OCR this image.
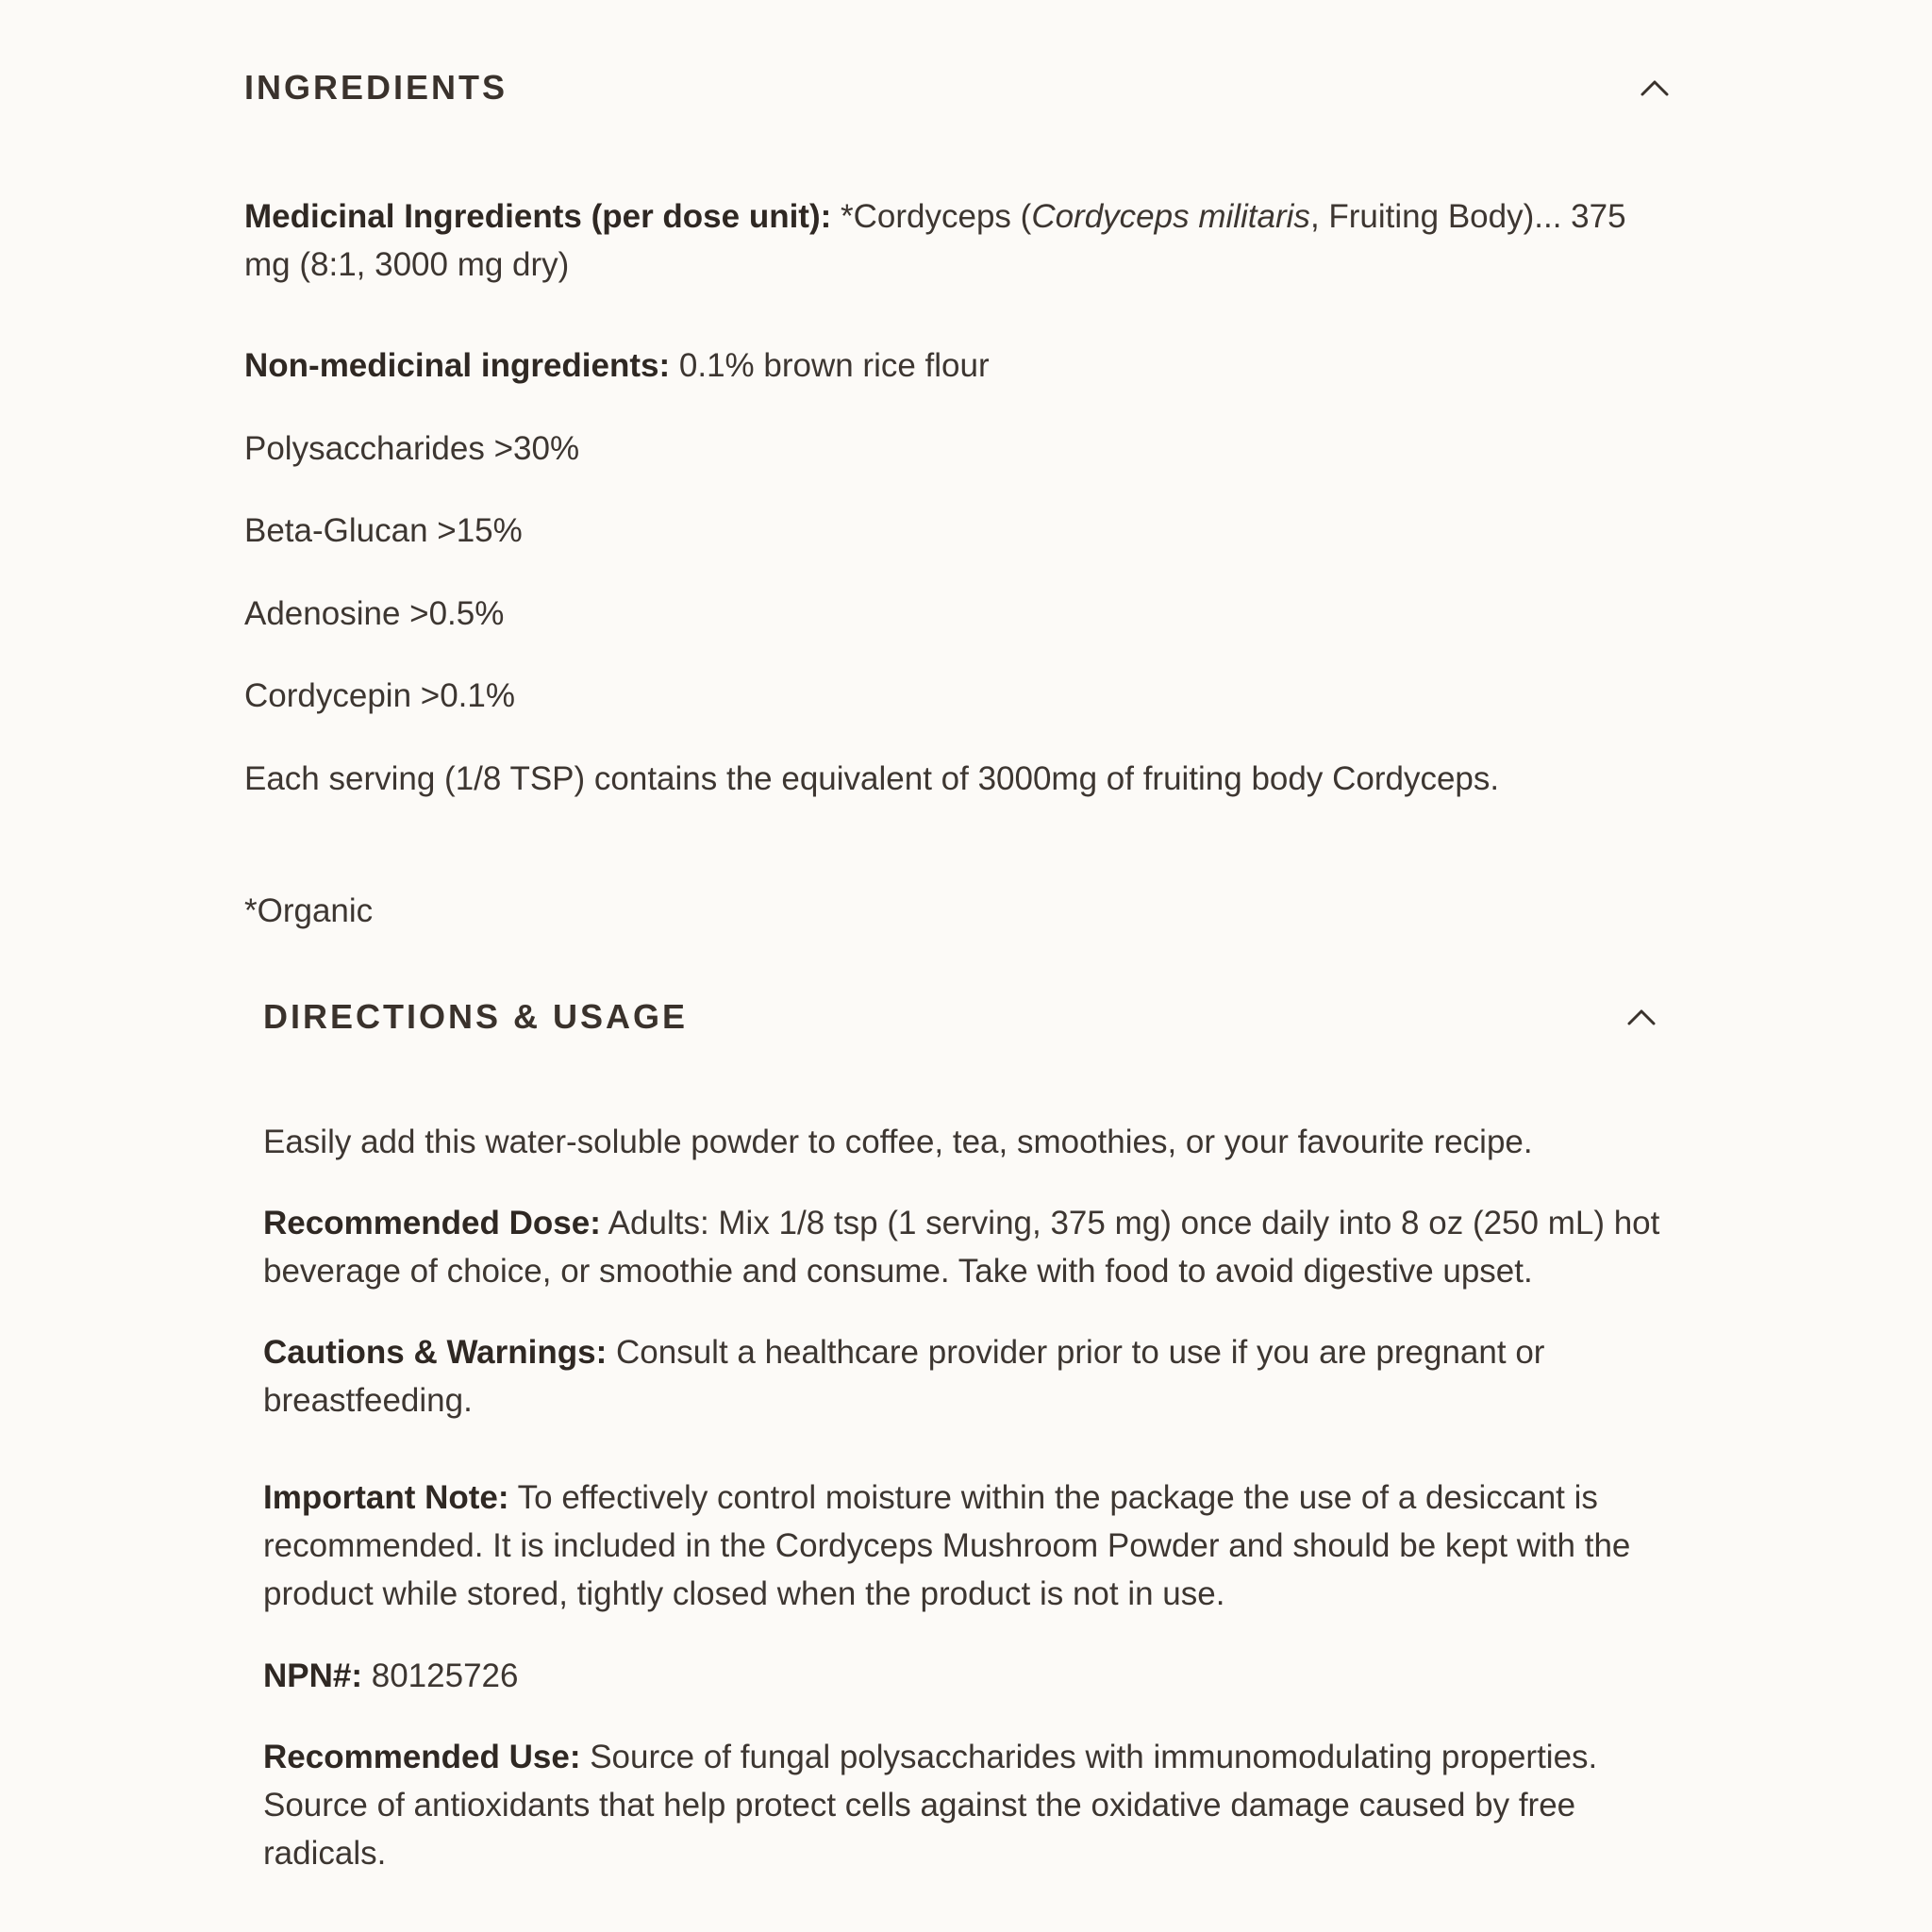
INGREDIENTS

Medicinal Ingredients (per dose unit): *Cordyceps (Cordyceps militaris, Fruiting Body)... 375 mg (8:1, 3000 mg dry)

Non-medicinal ingredients: 0.1% brown rice flour

Polysaccharides >30%

Beta-Glucan >15%

Adenosine >0.5%

Cordycepin >0.1%

Each serving (1/8 TSP) contains the equivalent of 3000mg of fruiting body Cordyceps.

*Organic

DIRECTIONS & USAGE

Easily add this water-soluble powder to coffee, tea, smoothies, or your favourite recipe.

Recommended Dose: Adults: Mix 1/8 tsp (1 serving, 375 mg) once daily into 8 oz (250 mL) hot beverage of choice, or smoothie and consume. Take with food to avoid digestive upset.

Cautions & Warnings: Consult a healthcare provider prior to use if you are pregnant or breastfeeding.

Important Note: To effectively control moisture within the package the use of a desiccant is recommended. It is included in the Cordyceps Mushroom Powder and should be kept with the product while stored, tightly closed when the product is not in use.

NPN#: 80125726

Recommended Use: Source of fungal polysaccharides with immunomodulating properties. Source of antioxidants that help protect cells against the oxidative damage caused by free radicals.
